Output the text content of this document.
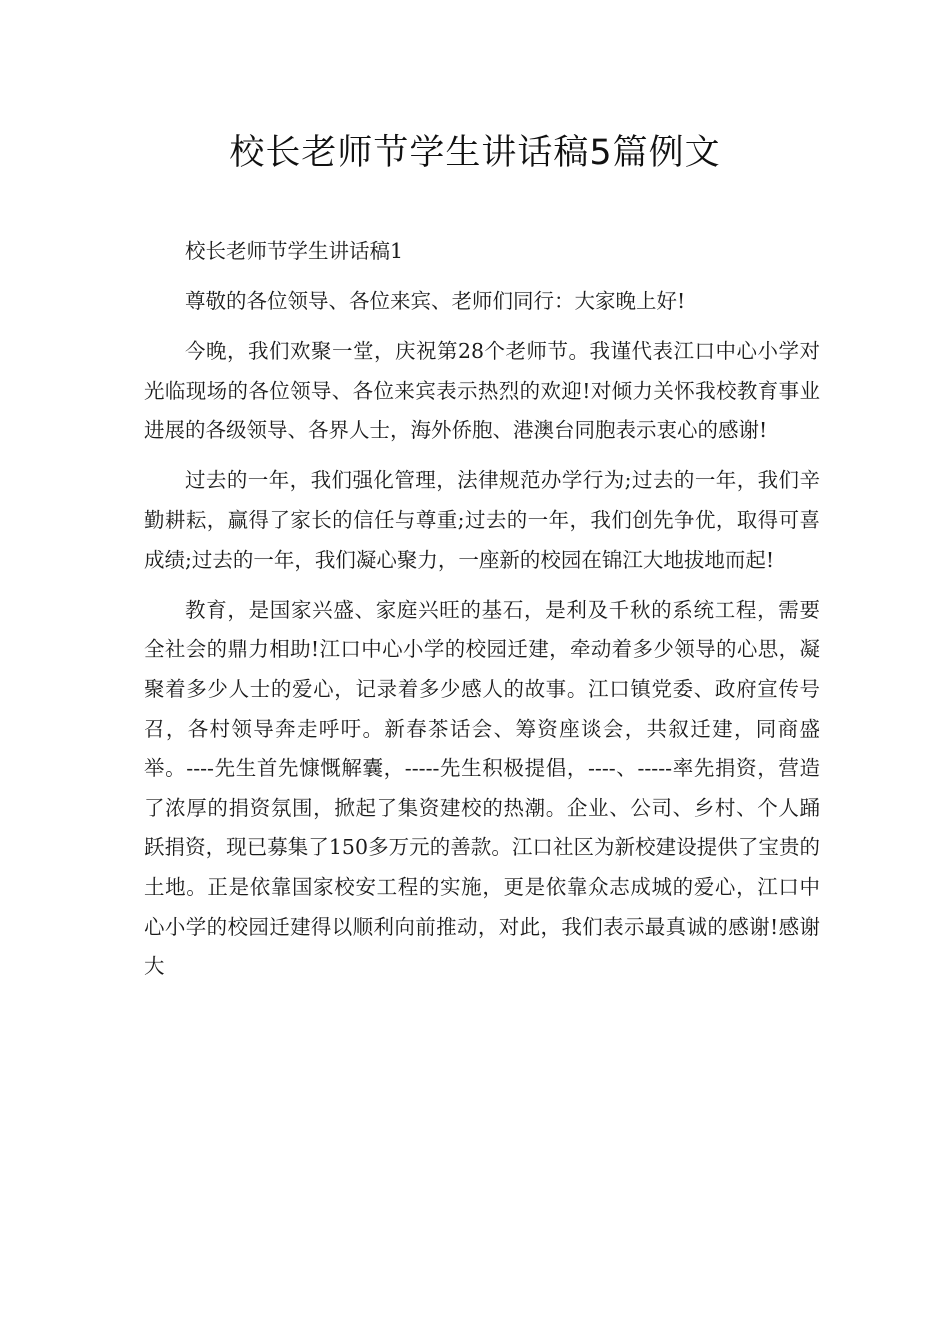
校长老师节学生讲话稿5篇例文

校长老师节学生讲话稿1

尊敬的各位领导、各位来宾、老师们同行：大家晚上好!

今晚，我们欢聚一堂，庆祝第28个老师节。我谨代表江口中心小学对光临现场的各位领导、各位来宾表示热烈的欢迎!对倾力关怀我校教育事业进展的各级领导、各界人士，海外侨胞、港澳台同胞表示衷心的感谢!

过去的一年，我们强化管理，法律规范办学行为;过去的一年，我们辛勤耕耘，赢得了家长的信任与尊重;过去的一年，我们创先争优，取得可喜成绩;过去的一年，我们凝心聚力，一座新的校园在锦江大地拔地而起!

教育，是国家兴盛、家庭兴旺的基石，是利及千秋的系统工程，需要全社会的鼎力相助!江口中心小学的校园迁建，牵动着多少领导的心思，凝聚着多少人士的爱心，记录着多少感人的故事。江口镇党委、政府宣传号召，各村领导奔走呼吁。新春茶话会、筹资座谈会，共叙迁建，同商盛举。----先生首先慷慨解囊，-----先生积极提倡，----、-----率先捐资，营造了浓厚的捐资氛围，掀起了集资建校的热潮。企业、公司、乡村、个人踊跃捐资，现已募集了150多万元的善款。江口社区为新校建设提供了宝贵的土地。正是依靠国家校安工程的实施，更是依靠众志成城的爱心，江口中心小学的校园迁建得以顺利向前推动，对此，我们表示最真诚的感谢!感谢大
